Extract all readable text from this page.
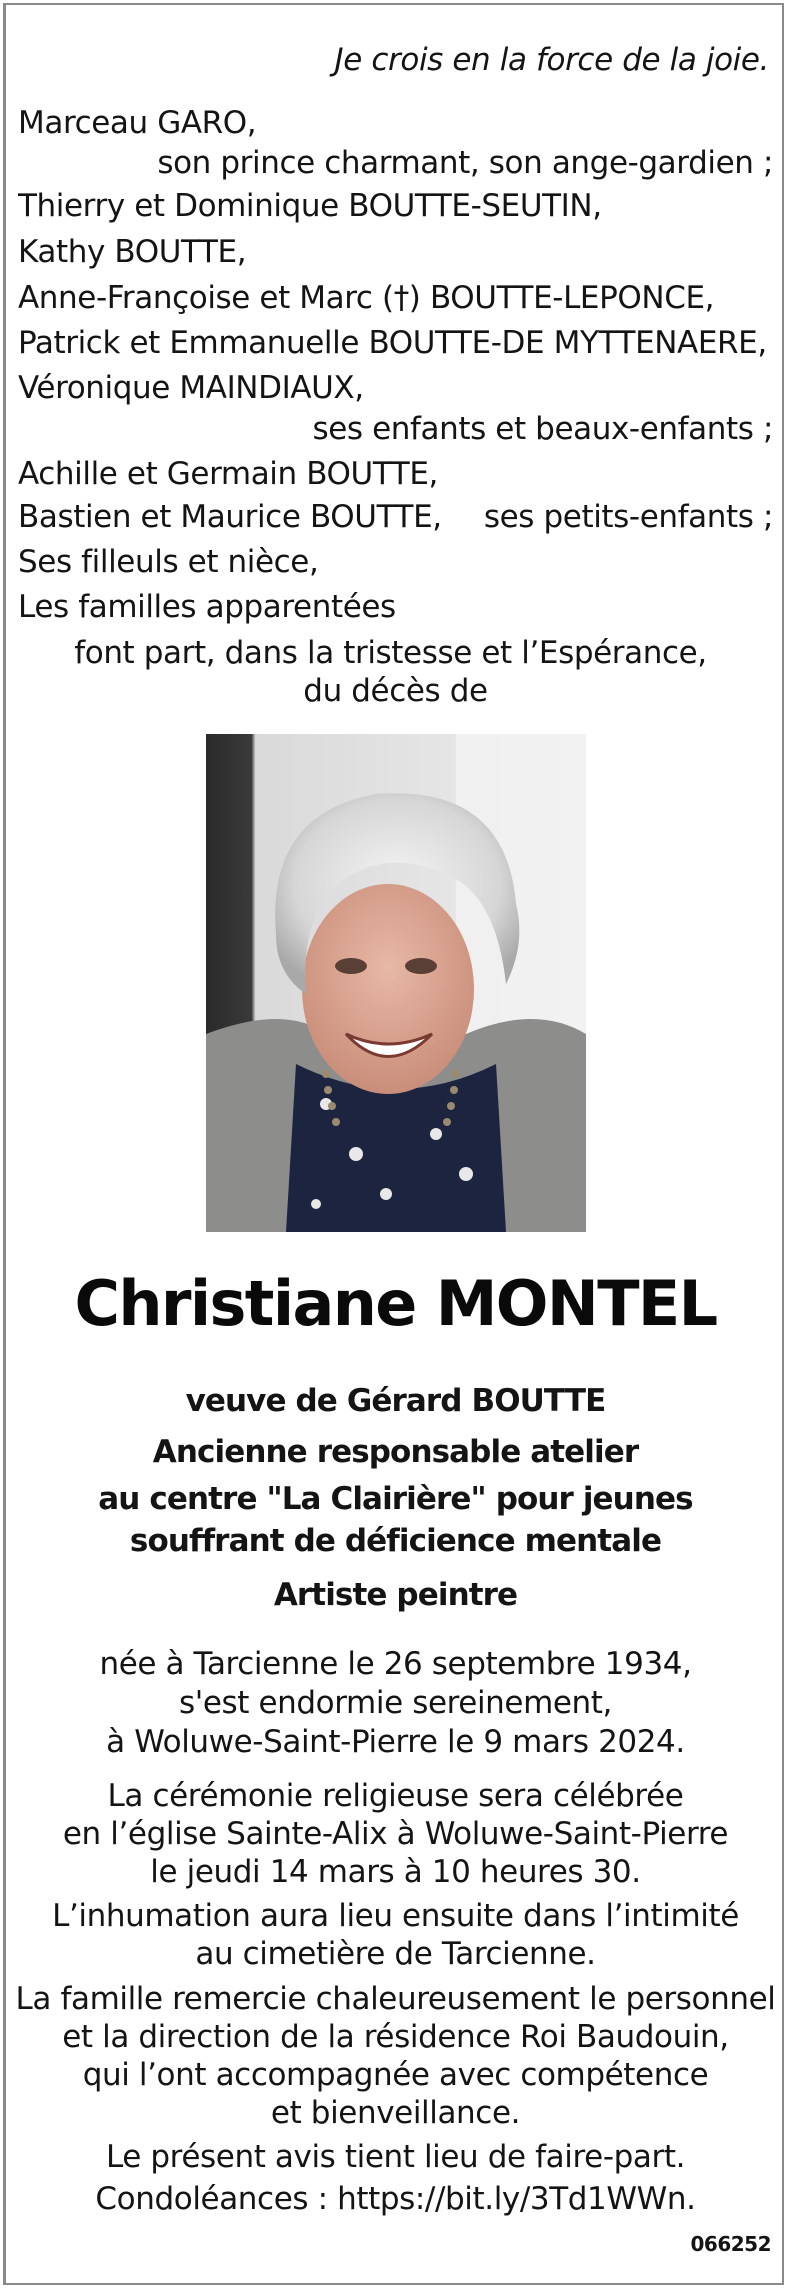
Je crois en la force de la joie.
Marceau GARO,
son prince charmant, son ange-gardien ;
Thierry et Dominique BOUTTE-SEUTIN,
Kathy BOUTTE,
Anne-Françoise et Marc (†) BOUTTE-LEPONCE,
Patrick et Emmanuelle BOUTTE-DE MYTTENAERE,
Véronique MAINDIAUX,
ses enfants et beaux-enfants ;
Achille et Germain BOUTTE,
Bastien et Maurice BOUTTE, ses petits-enfants ;
Ses filleuls et nièce,
Les familles apparentées
font part, dans la tristesse et l’Espérance,
du décès de
Christiane MONTEL
veuve de Gérard BOUTTE
Ancienne responsable atelier
au centre "La Clairière" pour jeunes
souffrant de déficience mentale
Artiste peintre
née à Tarcienne le 26 septembre 1934,
s'est endormie sereinement,
à Woluwe-Saint-Pierre le 9 mars 2024.
La cérémonie religieuse sera célébrée
en l’église Sainte-Alix à Woluwe-Saint-Pierre
le jeudi 14 mars à 10 heures 30.
L’inhumation aura lieu ensuite dans l’intimité
au cimetière de Tarcienne.
La famille remercie chaleureusement le personnel
et la direction de la résidence Roi Baudouin,
qui l’ont accompagnée avec compétence
et bienveillance.
Le présent avis tient lieu de faire-part.
Condoléances : https://bit.ly/3Td1WWn.
066252
